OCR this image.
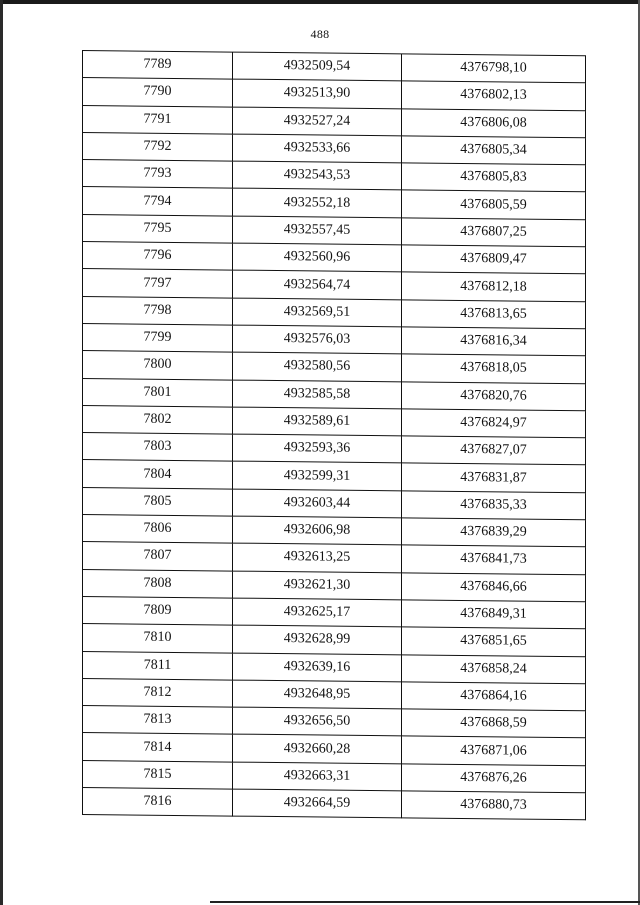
488
7789	4932509,54	4376798,10
7790	4932513,90	4376802,13
7791	4932527,24	4376806,08
7792	4932533,66	4376805,34
7793	4932543,53	4376805,83
7794	4932552,18	4376805,59
7795	4932557,45	4376807,25
7796	4932560,96	4376809,47
7797	4932564,74	4376812,18
7798	4932569,51	4376813,65
7799	4932576,03	4376816,34
7800	4932580,56	4376818,05
7801	4932585,58	4376820,76
7802	4932589,61	4376824,97
7803	4932593,36	4376827,07
7804	4932599,31	4376831,87
7805	4932603,44	4376835,33
7806	4932606,98	4376839,29
7807	4932613,25	4376841,73
7808	4932621,30	4376846,66
7809	4932625,17	4376849,31
7810	4932628,99	4376851,65
7811	4932639,16	4376858,24
7812	4932648,95	4376864,16
7813	4932656,50	4376868,59
7814	4932660,28	4376871,06
7815	4932663,31	4376876,26
7816	4932664,59	4376880,73
